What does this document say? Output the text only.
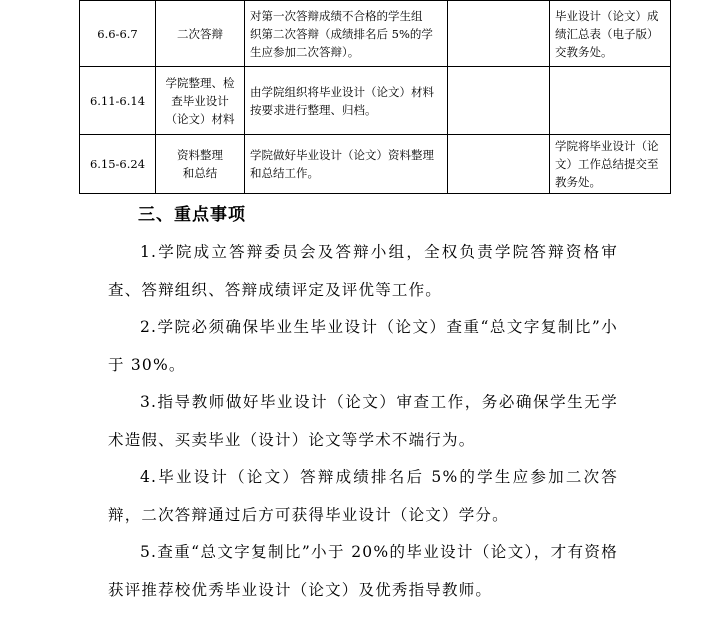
6.6-6.7	二次答辩	对第一次答辩成绩不合格的学生组
织第二次答辩（成绩排名后 5%的学
生应参加二次答辩）。		毕业设计（论文）成
绩汇总表（电子版）
交教务处。

6.11-6.14	学院整理、检
查毕业设计
（论文）材料	由学院组织将毕业设计（论文）材料
按要求进行整理、归档。		

6.15-6.24	资料整理
和总结	学院做好毕业设计（论文）资料整理
和总结工作。		学院将毕业设计（论
文）工作总结提交至
教务处。
三、重点事项

1.学院成立答辩委员会及答辩小组，全权负责学院答辩资格审查、答辩组织、答辩成绩评定及评优等工作。

2.学院必须确保毕业生毕业设计（论文）查重“总文字复制比”小于 30%。

3.指导教师做好毕业设计（论文）审查工作，务必确保学生无学术造假、买卖毕业（设计）论文等学术不端行为。

4.毕业设计（论文）答辩成绩排名后 5%的学生应参加二次答辩，二次答辩通过后方可获得毕业设计（论文）学分。

5.查重“总文字复制比”小于 20%的毕业设计（论文），才有资格获评推荐校优秀毕业设计（论文）及优秀指导教师。
